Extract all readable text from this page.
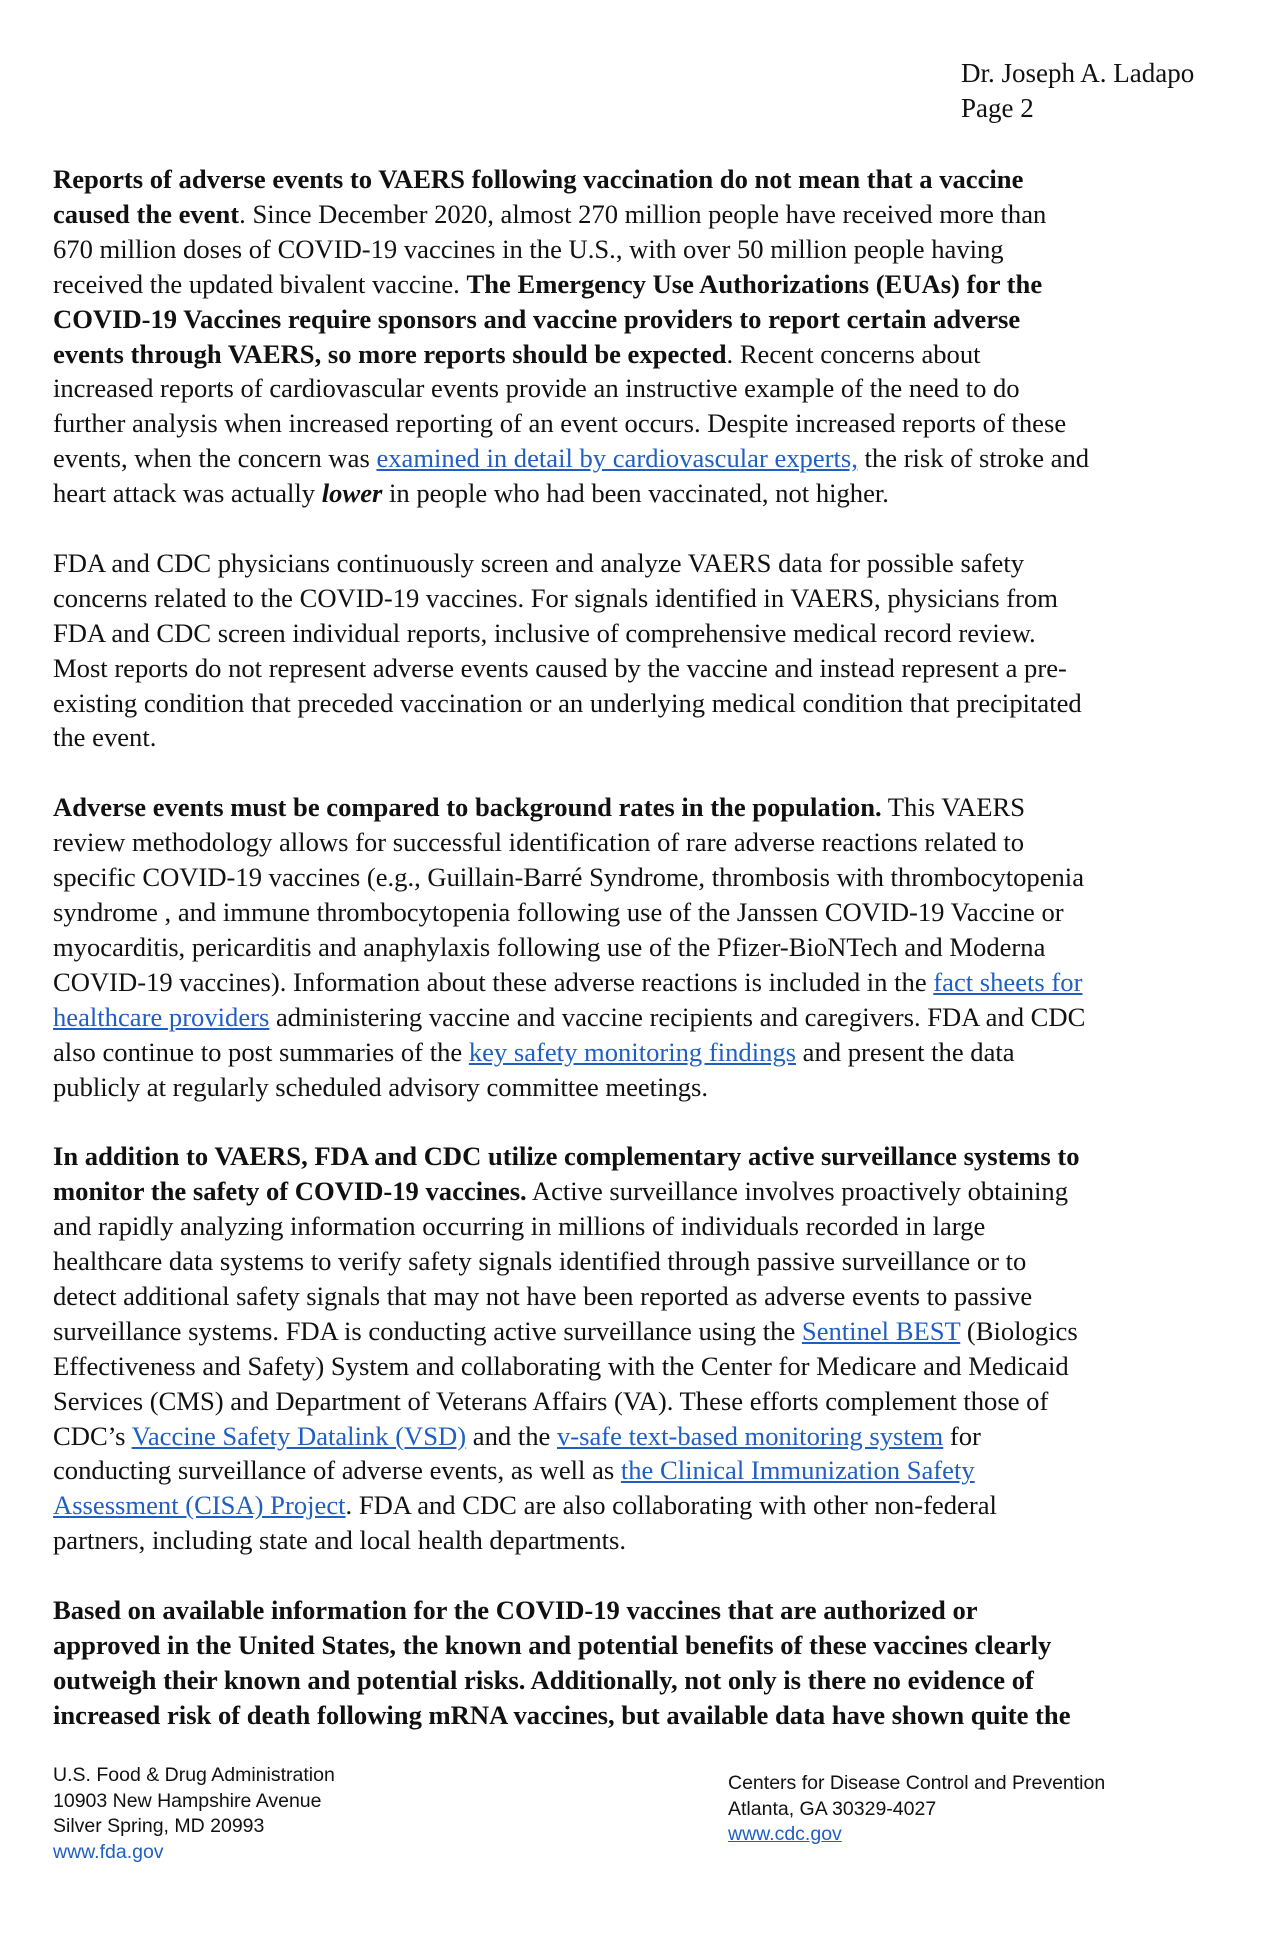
Dr. Joseph A. Ladapo
Page 2

Reports of adverse events to VAERS following vaccination do not mean that a vaccine
caused the event. Since December 2020, almost 270 million people have received more than
670 million doses of COVID-19 vaccines in the U.S., with over 50 million people having
received the updated bivalent vaccine. The Emergency Use Authorizations (EUAs) for the
COVID-19 Vaccines require sponsors and vaccine providers to report certain adverse
events through VAERS, so more reports should be expected. Recent concerns about
increased reports of cardiovascular events provide an instructive example of the need to do
further analysis when increased reporting of an event occurs. Despite increased reports of these
events, when the concern was examined in detail by cardiovascular experts, the risk of stroke and
heart attack was actually lower in people who had been vaccinated, not higher.

FDA and CDC physicians continuously screen and analyze VAERS data for possible safety
concerns related to the COVID-19 vaccines. For signals identified in VAERS, physicians from
FDA and CDC screen individual reports, inclusive of comprehensive medical record review.
Most reports do not represent adverse events caused by the vaccine and instead represent a pre-
existing condition that preceded vaccination or an underlying medical condition that precipitated
the event.

Adverse events must be compared to background rates in the population. This VAERS
review methodology allows for successful identification of rare adverse reactions related to
specific COVID-19 vaccines (e.g., Guillain-Barré Syndrome, thrombosis with thrombocytopenia
syndrome , and immune thrombocytopenia following use of the Janssen COVID-19 Vaccine or
myocarditis, pericarditis and anaphylaxis following use of the Pfizer-BioNTech and Moderna
COVID-19 vaccines). Information about these adverse reactions is included in the fact sheets for
healthcare providers administering vaccine and vaccine recipients and caregivers. FDA and CDC
also continue to post summaries of the key safety monitoring findings and present the data
publicly at regularly scheduled advisory committee meetings.

In addition to VAERS, FDA and CDC utilize complementary active surveillance systems to
monitor the safety of COVID-19 vaccines. Active surveillance involves proactively obtaining
and rapidly analyzing information occurring in millions of individuals recorded in large
healthcare data systems to verify safety signals identified through passive surveillance or to
detect additional safety signals that may not have been reported as adverse events to passive
surveillance systems. FDA is conducting active surveillance using the Sentinel BEST (Biologics
Effectiveness and Safety) System and collaborating with the Center for Medicare and Medicaid
Services (CMS) and Department of Veterans Affairs (VA). These efforts complement those of
CDC’s Vaccine Safety Datalink (VSD) and the v-safe text-based monitoring system for
conducting surveillance of adverse events, as well as the Clinical Immunization Safety
Assessment (CISA) Project. FDA and CDC are also collaborating with other non-federal
partners, including state and local health departments.

Based on available information for the COVID-19 vaccines that are authorized or
approved in the United States, the known and potential benefits of these vaccines clearly
outweigh their known and potential risks. Additionally, not only is there no evidence of
increased risk of death following mRNA vaccines, but available data have shown quite the

U.S. Food & Drug Administration
10903 New Hampshire Avenue
Silver Spring, MD 20993
www.fda.gov
Centers for Disease Control and Prevention
Atlanta, GA 30329-4027
www.cdc.gov
